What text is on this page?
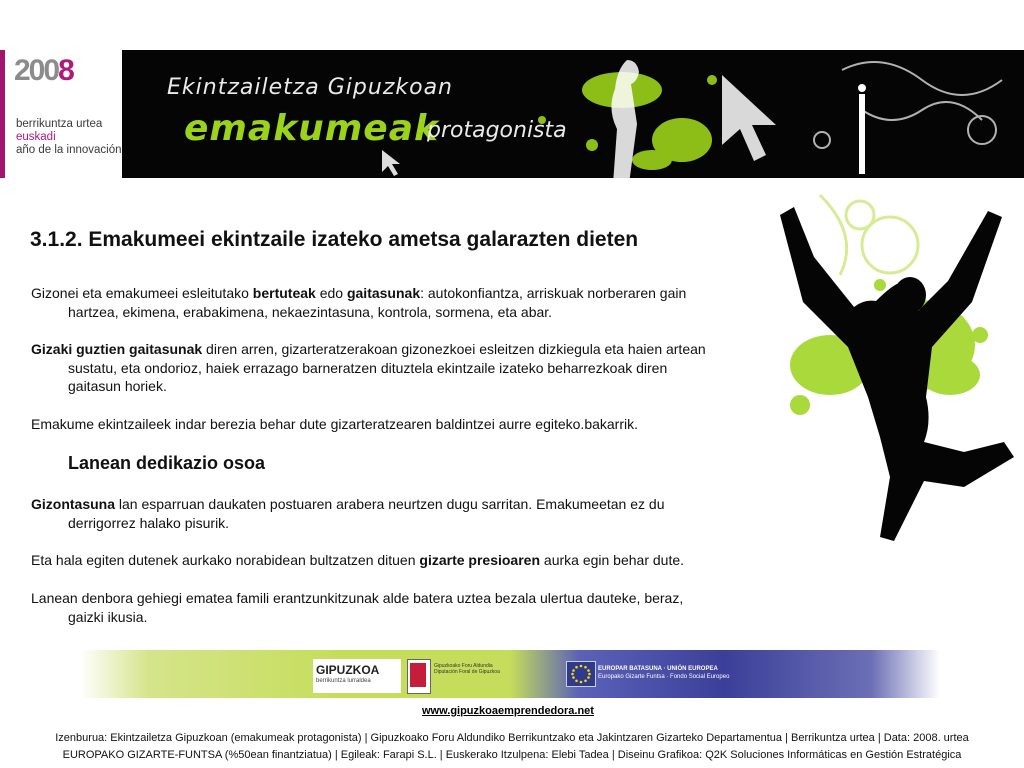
2008
berrikuntza urtea
euskadi
año de la innovación
Ekintzailetza Gipuzkoan
emakumeak
protagonista
3.1.2. Emakumeei ekintzaile izateko ametsa galarazten dieten
Gizonei eta emakumeei esleitutako bertuteak edo gaitasunak: autokonfiantza, arriskuak norberaren gain
hartzea, ekimena, erabakimena, nekaezintasuna, kontrola, sormena, eta abar.
Gizaki guztien gaitasunak diren arren, gizarteratzerakoan gizonezkoei esleitzen dizkiegula eta haien artean
sustatu, eta ondorioz, haiek errazago barneratzen dituztela ekintzaile izateko beharrezkoak diren
gaitasun horiek.
Emakume ekintzaileek indar berezia behar dute gizarteratzearen baldintzei aurre egiteko.bakarrik.
Lanean dedikazio osoa
Gizontasuna lan esparruan daukaten postuaren arabera neurtzen dugu sarritan. Emakumeetan ez du
derrigorrez halako pisurik.
Eta hala egiten dutenek aurkako norabidean bultzatzen dituen gizarte presioaren aurka egin behar dute.
Lanean denbora gehiegi ematea famili erantzunkitzunak alde batera uztea bezala ulertua dauteke, beraz,
gaizki ikusia.
GIPUZKOA
berrikuntza lurraldea
Gipuzkoako Foru Aldundia Diputación Foral de Gipuzkoa	EUROPAR BATASUNA · UNIÓN EUROPEA
Europako Gizarte Funtsa · Fondo Social Europeo
www.gipuzkoaemprendedora.net
Izenburua: Ekintzailetza Gipuzkoan (emakumeak protagonista) | Gipuzkoako Foru Aldundiko Berrikuntzako eta Jakintzaren Gizarteko Departamentua | Berrikuntza urtea | Data: 2008. urtea
EUROPAKO GIZARTE-FUNTSA (%50ean finantziatua) | Egileak: Farapi S.L. | Euskerako Itzulpena: Elebi Tadea | Diseinu Grafikoa: Q2K Soluciones Informáticas en Gestión Estratégica
